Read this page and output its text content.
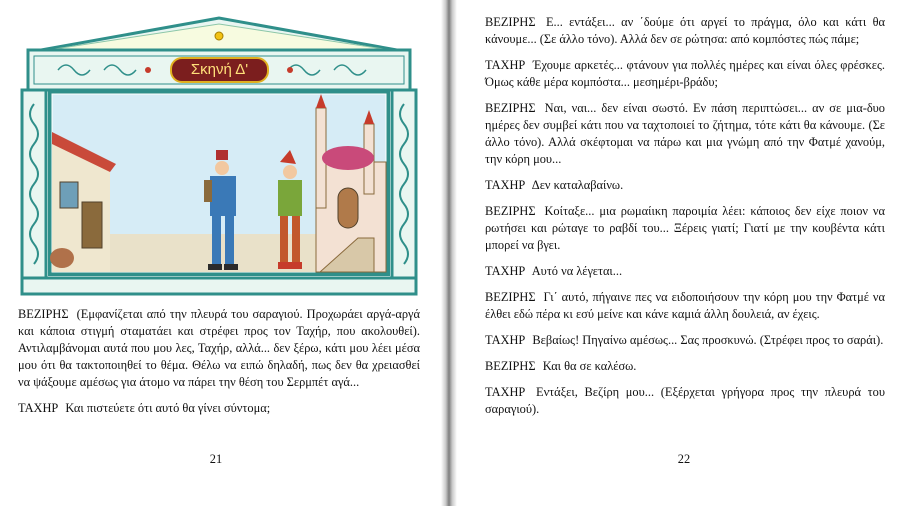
Σκηνή Δ'

ΒΕΖΙΡΗΣ (Εμφανίζεται από την πλευρά του σαραγιού. Προχωράει αργά-αργά και κάποια στιγμή σταματάει και στρέφει προς τον Ταχήρ, που ακολουθεί). Αντιλαμβάνομαι αυτά που μου λες, Ταχήρ, αλλά... δεν ξέρω, κάτι μου λέει μέσα μου ότι θα τακτοποιηθεί το θέμα. Θέλω να ειπώ δηλαδή, πως δεν θα χρειασθεί να ψάξουμε αμέσως για άτομο να πάρει την θέση του Σερμπέτ αγά...

ΤΑΧΗΡ Και πιστεύετε ότι αυτό θα γίνει σύντομα;

21

ΒΕΖΙΡΗΣ Ε... εντάξει... αν ΄δούμε ότι αργεί το πράγμα, όλο και κάτι θα κάνουμε... (Σε άλλο τόνο). Αλλά δεν σε ρώτησα: από κομπόστες πώς πάμε;

ΤΑΧΗΡ Έχουμε αρκετές... φτάνουν για πολλές ημέρες και είναι όλες φρέσκες. Όμως κάθε μέρα κομπόστα... μεσημέρι-βράδυ;

ΒΕΖΙΡΗΣ Ναι, ναι... δεν είναι σωστό. Εν πάση περιπτώσει... αν σε μια-δυο ημέρες δεν συμβεί κάτι που να ταχτοποιεί το ζήτημα, τότε κάτι θα κάνουμε. (Σε άλλο τόνο). Αλλά σκέφτομαι να πάρω και μια γνώμη από την Φατμέ χανούμ, την κόρη μου...

ΤΑΧΗΡ Δεν καταλαβαίνω.

ΒΕΖΙΡΗΣ Κοίταξε... μια ρωμαίικη παροιμία λέει: κάποιος δεν είχε ποιον να ρωτήσει και ρώταγε το ραβδί του... Ξέρεις γιατί; Γιατί με την κουβέντα κάτι μπορεί να βγει.

ΤΑΧΗΡ Αυτό να λέγεται...

ΒΕΖΙΡΗΣ Γι΄ αυτό, πήγαινε πες να ειδοποιήσουν την κόρη μου την Φατμέ να έλθει εδώ πέρα κι εσύ μείνε και κάνε καμιά άλλη δουλειά, αν έχεις.

ΤΑΧΗΡ Βεβαίως! Πηγαίνω αμέσως... Σας προσκυνώ. (Στρέφει προς το σαράι).

ΒΕΖΙΡΗΣ Και θα σε καλέσω.

ΤΑΧΗΡ Εντάξει, Βεζίρη μου... (Εξέρχεται γρήγορα προς την πλευρά του σαραγιού).

22
